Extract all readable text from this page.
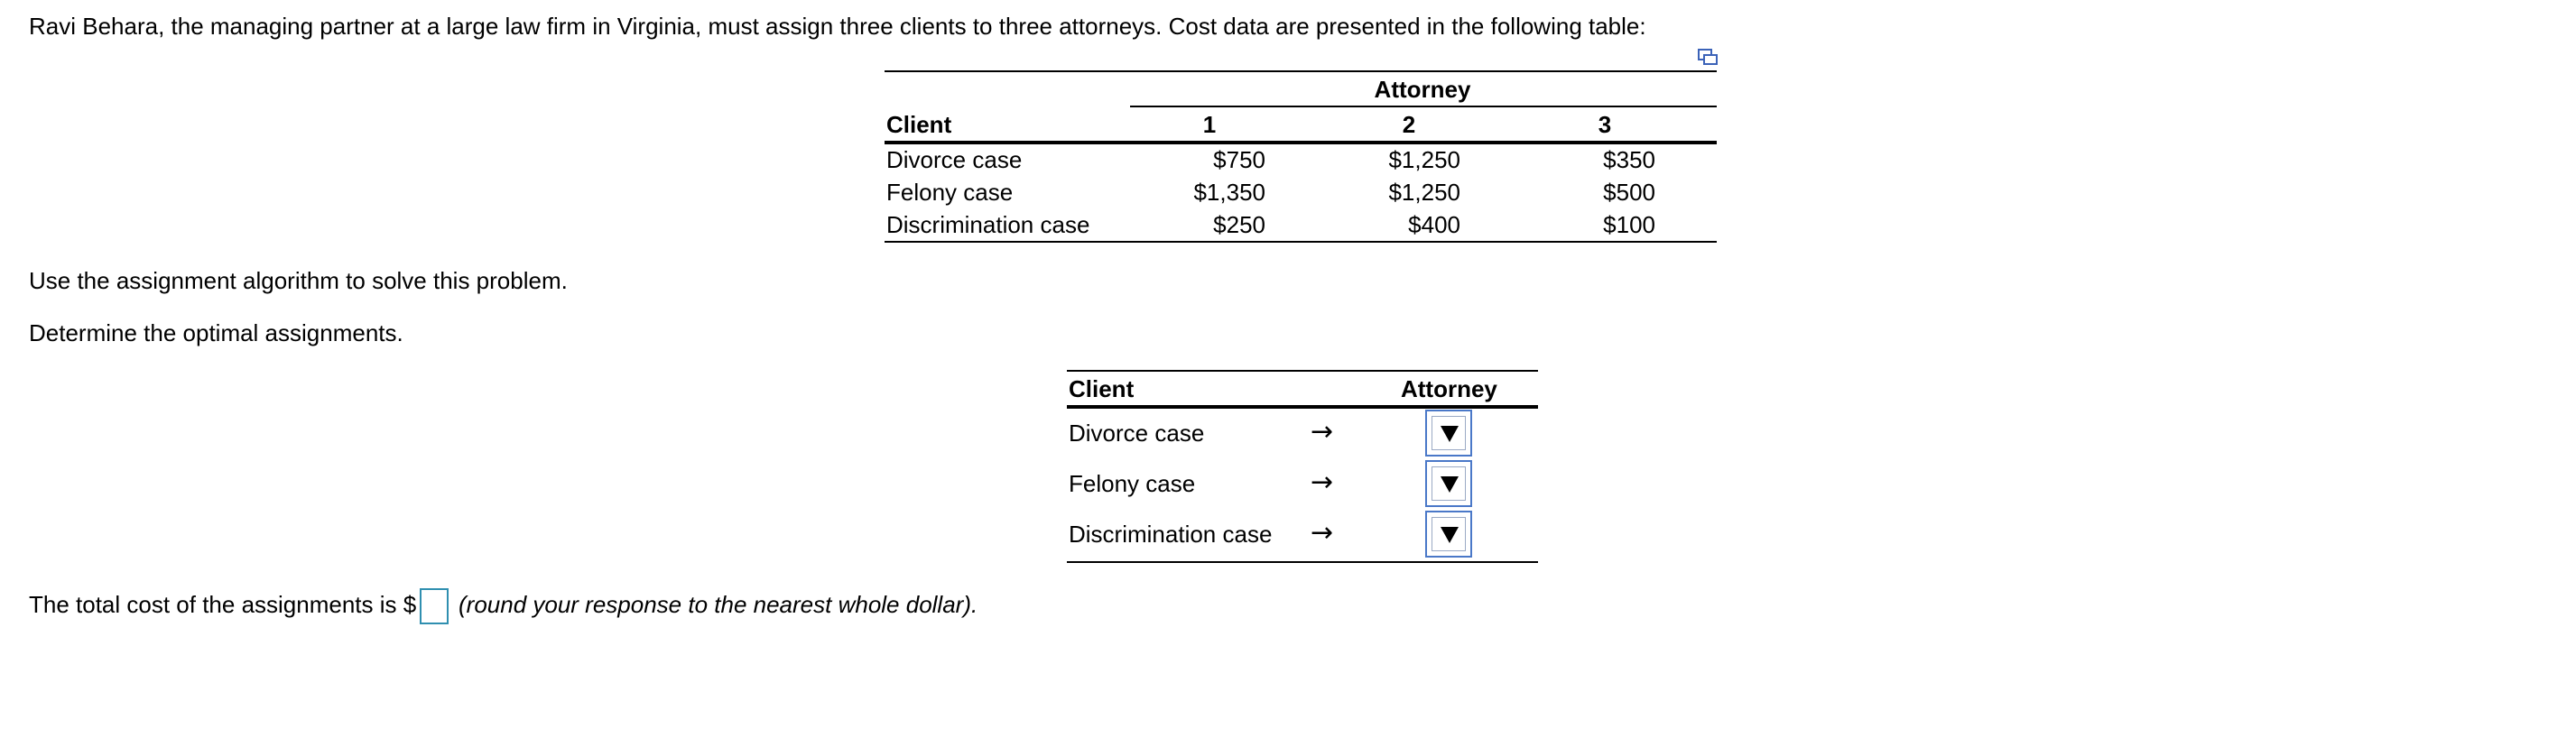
Ravi Behara, the managing partner at a large law firm in Virginia, must assign three clients to three attorneys. Cost data are presented in the following table:
Attorney
Client	1	2	3
Divorce case	$750	$1,250	$350
Felony case	$1,350	$1,250	$500
Discrimination case	$250	$400	$100
Use the assignment algorithm to solve this problem.
Determine the optimal assignments.
Client	Attorney
Divorce case	→
Felony case	→
Discrimination case →
The total cost of the assignments is $ (round your response to the nearest whole dollar).
